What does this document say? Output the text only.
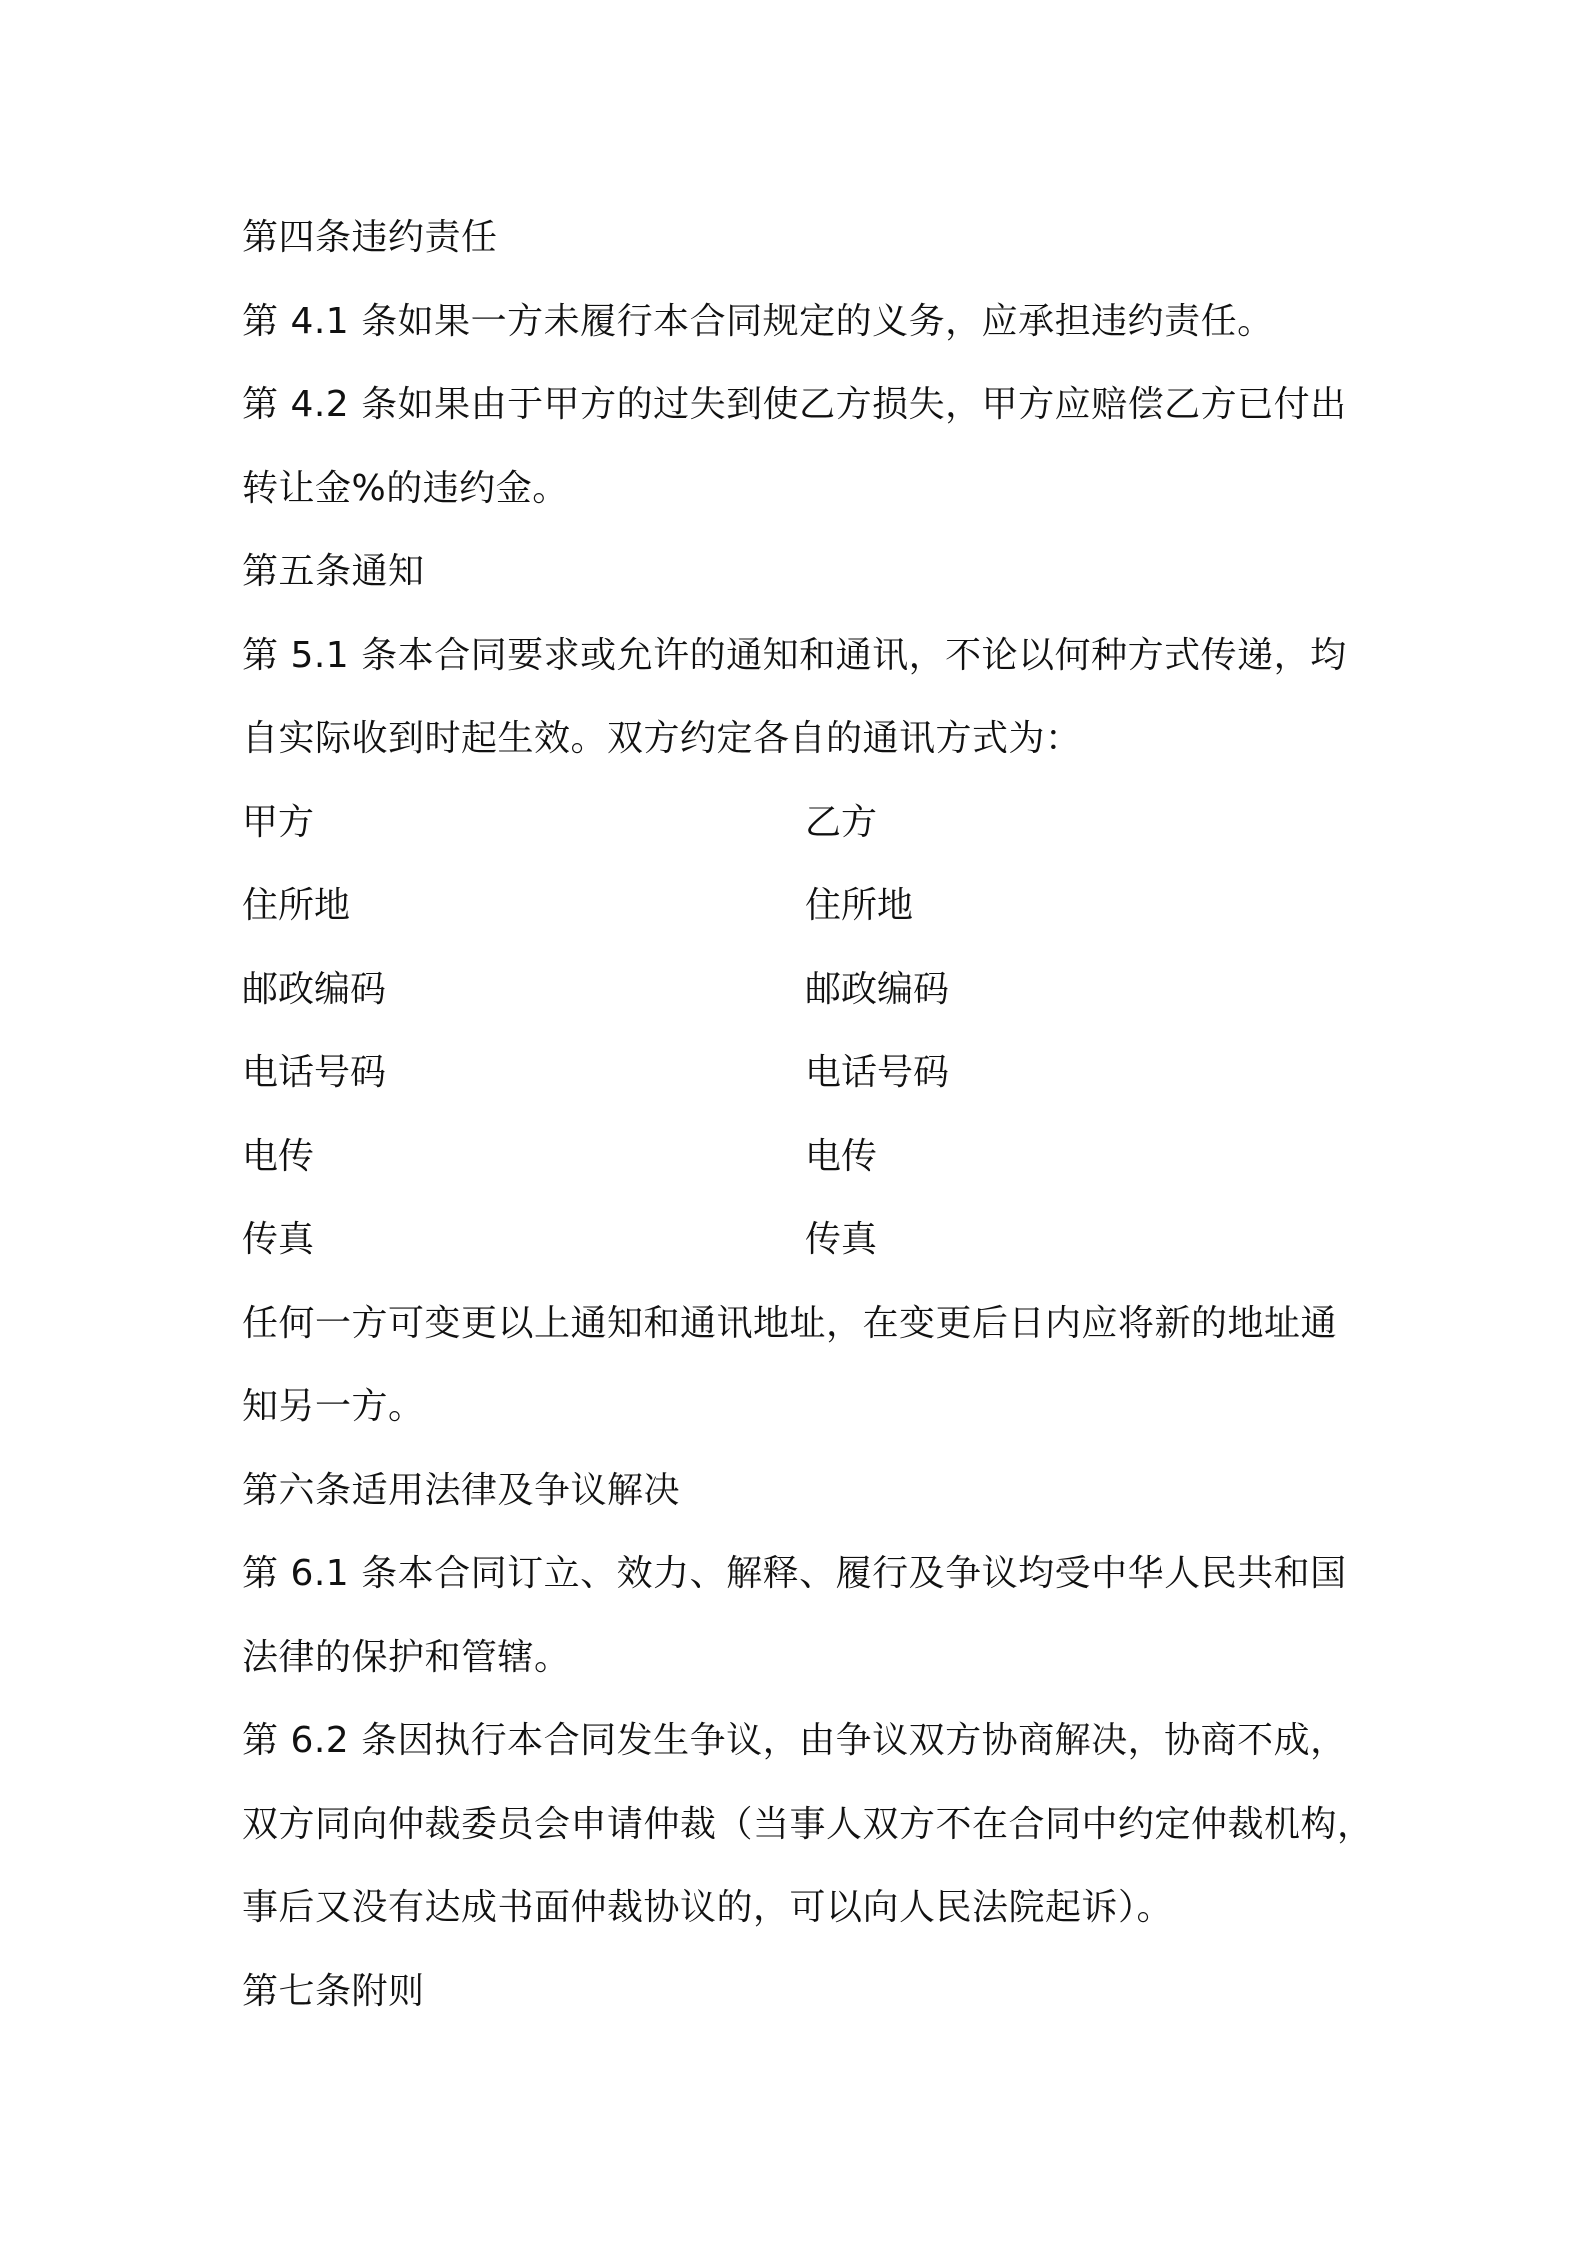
第四条违约责任
第 4.1 条如果一方未履行本合同规定的义务，应承担违约责任。
第 4.2 条如果由于甲方的过失到使乙方损失，甲方应赔偿乙方已付出
转让金%的违约金。
第五条通知
第 5.1 条本合同要求或允许的通知和通讯，不论以何种方式传递，均
自实际收到时起生效。双方约定各自的通讯方式为：
甲方	乙方
住所地	住所地
邮政编码	邮政编码
电话号码	电话号码
电传	电传
传真	传真
任何一方可变更以上通知和通讯地址，在变更后日内应将新的地址通
知另一方。
第六条适用法律及争议解决
第 6.1 条本合同订立、效力、解释、履行及争议均受中华人民共和国
法律的保护和管辖。
第 6.2 条因执行本合同发生争议，由争议双方协商解决，协商不成，
双方同向仲裁委员会申请仲裁（当事人双方不在合同中约定仲裁机构，
事后又没有达成书面仲裁协议的，可以向人民法院起诉）。
第七条附则
